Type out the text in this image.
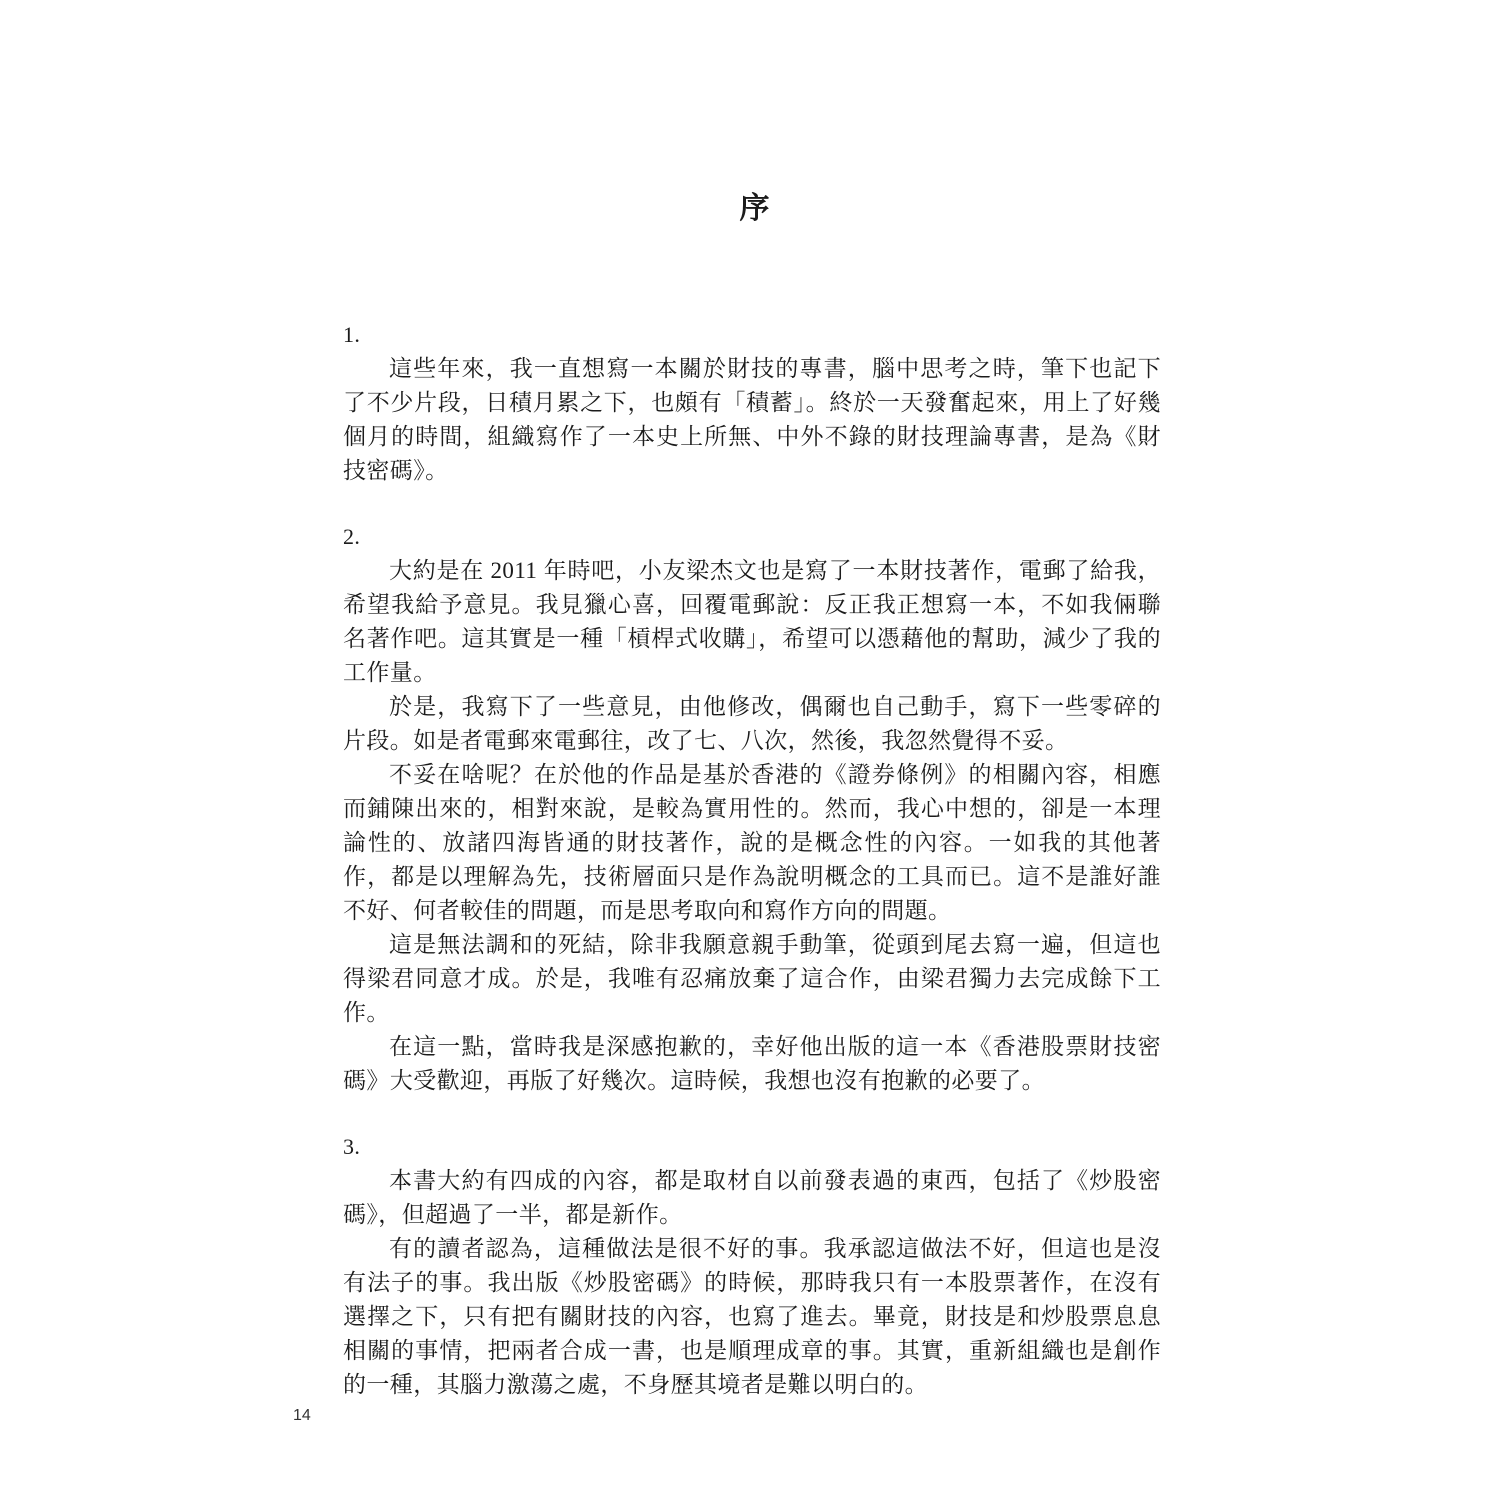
序
1.

這些年來，我一直想寫一本關於財技的專書，腦中思考之時，筆下也記下了不少片段，日積月累之下，也頗有「積蓄」。終於一天發奮起來，用上了好幾個月的時間，組織寫作了一本史上所無、中外不錄的財技理論專書，是為《財技密碼》。

2.

大約是在 2011 年時吧，小友梁杰文也是寫了一本財技著作，電郵了給我，希望我給予意見。我見獵心喜，回覆電郵說：反正我正想寫一本，不如我倆聯名著作吧。這其實是一種「槓桿式收購」，希望可以憑藉他的幫助，減少了我的工作量。

於是，我寫下了一些意見，由他修改，偶爾也自己動手，寫下一些零碎的片段。如是者電郵來電郵往，改了七、八次，然後，我忽然覺得不妥。

不妥在啥呢？在於他的作品是基於香港的《證券條例》的相關內容，相應而鋪陳出來的，相對來說，是較為實用性的。然而，我心中想的，卻是一本理論性的、放諸四海皆通的財技著作，說的是概念性的內容。一如我的其他著作，都是以理解為先，技術層面只是作為說明概念的工具而已。這不是誰好誰不好、何者較佳的問題，而是思考取向和寫作方向的問題。

這是無法調和的死結，除非我願意親手動筆，從頭到尾去寫一遍，但這也得梁君同意才成。於是，我唯有忍痛放棄了這合作，由梁君獨力去完成餘下工作。

在這一點，當時我是深感抱歉的，幸好他出版的這一本《香港股票財技密碼》大受歡迎，再版了好幾次。這時候，我想也沒有抱歉的必要了。

3.

本書大約有四成的內容，都是取材自以前發表過的東西，包括了《炒股密碼》，但超過了一半，都是新作。

有的讀者認為，這種做法是很不好的事。我承認這做法不好，但這也是沒有法子的事。我出版《炒股密碼》的時候，那時我只有一本股票著作，在沒有選擇之下，只有把有關財技的內容，也寫了進去。畢竟，財技是和炒股票息息相關的事情，把兩者合成一書，也是順理成章的事。其實，重新組織也是創作的一種，其腦力激蕩之處，不身歷其境者是難以明白的。

14
